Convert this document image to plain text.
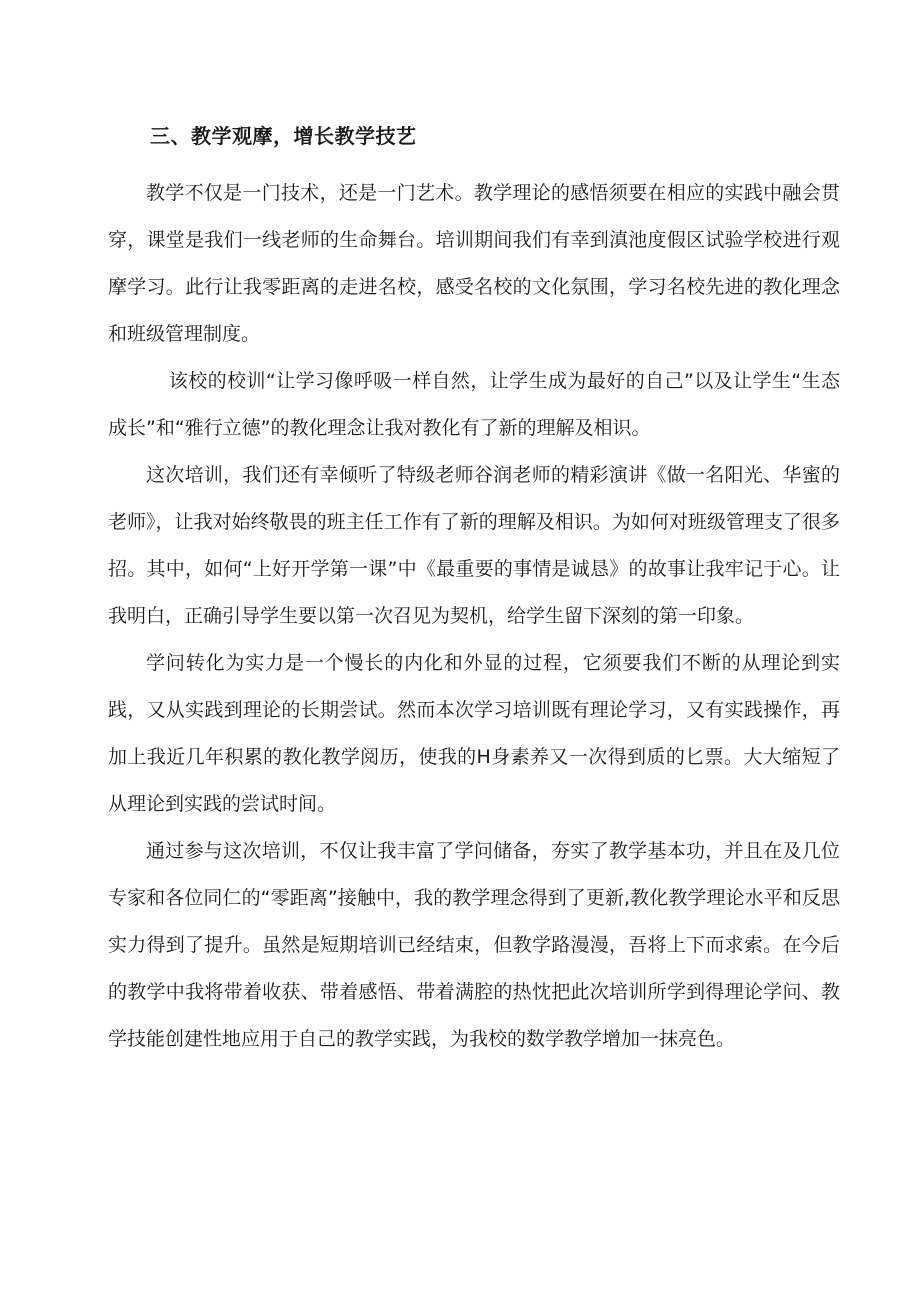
三、教学观摩，增长教学技艺

教学不仅是一门技术，还是一门艺术。教学理论的感悟须要在相应的实践中融会贯穿，课堂是我们一线老师的生命舞台。培训期间我们有幸到滇池度假区试验学校进行观摩学习。此行让我零距离的走进名校，感受名校的文化氛围，学习名校先进的教化理念和班级管理制度。

该校的校训“让学习像呼吸一样自然，让学生成为最好的自己”以及让学生“生态成长”和“雅行立德”的教化理念让我对教化有了新的理解及相识。

这次培训，我们还有幸倾听了特级老师谷润老师的精彩演讲《做一名阳光、华蜜的老师》，让我对始终敬畏的班主任工作有了新的理解及相识。为如何对班级管理支了很多招。其中，如何“上好开学第一课”中《最重要的事情是诚恳》的故事让我牢记于心。让我明白，正确引导学生要以第一次召见为契机，给学生留下深刻的第一印象。

学问转化为实力是一个慢长的内化和外显的过程，它须要我们不断的从理论到实践，又从实践到理论的长期尝试。然而本次学习培训既有理论学习，又有实践操作，再加上我近几年积累的教化教学阅历，使我的H身素养又一次得到质的匕票。大大缩短了从理论到实践的尝试时间。

通过参与这次培训，不仅让我丰富了学问储备，夯实了教学基本功，并且在及几位专家和各位同仁的“零距离”接触中，我的教学理念得到了更新,教化教学理论水平和反思实力得到了提升。虽然是短期培训已经结束，但教学路漫漫，吾将上下而求索。在今后的教学中我将带着收获、带着感悟、带着满腔的热忱把此次培训所学到得理论学问、教学技能创建性地应用于自己的教学实践，为我校的数学教学增加一抹亮色。
